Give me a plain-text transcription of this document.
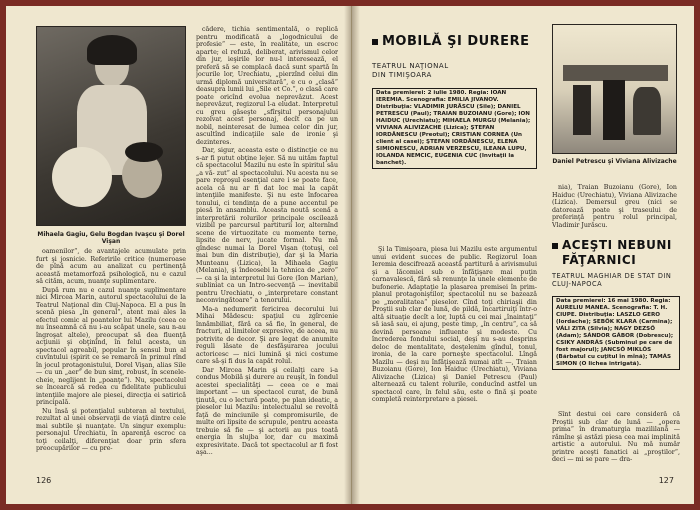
Mihaela Gagiu, Gelu Bogdan Ivaşcu şi Dorel Vişan

oamenilor“, de avantajele acumulate prin furt şi josnicie. Referirile critice (numeroase de pînă acum au analizat cu pertinenţă această metamorfoză psihologică, nu e cazul să cităm, acum, nuanţe suplimentare.

După rum nu e cazul nuanţe suplimentare nici Mircea Marin, autorul spectacolului de la Teatrul Naţional din Cluj-Napoca. El a pus în scenă piesa „în general“, atent mai ales la efectul comic al poantelor lui Mazilu (ceea ce nu înseamnă că nu i-au scăpat unele, sau n-au îngroşat altele), preocupat să dea fluenţă acţiunii şi obţinînd, în felul acesta, un spectacol agreabil, popular în sensul bun al cuvîntului (spirit ce se remarcă în primul rînd în jocul protagonistului, Dorel Vişan, alias Sile — cu un „aer“ de bun simţ, robust, în scenele-cheie, neglijent în „poanţe“). Nu, spectacolul se încearcă să redea cu fidelitate publicului intenţiile majore ale piesei, direcţia ei satirică principală.

Nu însă şi potenţialul subteran al textului, rezultat al unei observaţii de viaţă dintre cele mai subtile şi nuanţate. Un singur exemplu: personajul Urechiatu, în aparenţă escroc ca toţi ceilalţi, diferenţiat doar prin sfera preocupărilor — cu pre-

cădere, tichia sentimentală, o replică pentru modificată a „logodnicului de profesie“ — este, în realitate, un escroc aparte; el refuză, deliberat, arivismul celor din jur, ieşirile lor nu-l interesează, el preferă să se complacă dacă sunt spartă în jocurile lor, Urechiatu, „pierzînd celui din urmă diplomă universitară“, e cu o „clasă“ deasupra lumii lui „Sile et Co.“, o clasă care poate oricînd evolua neprevăzut. Acest neprevăzut, regizorul l-a eludat. Interpretul cu greu găseşte „sfîrşitul personajului rezolvat acest personaj, decît ca pe un nobil, neinteresat de lumea celor din jur, ascultînd indicaţiile sale de ironie şi dezinteres.

Dar, sigur, aceasta este o distincţie ce nu s-ar fi putut obţine lejer. Să nu uităm faptul că spectacolul Mazilu nu este în spiritul său „a vă- zut“ al spectacolului. Nu acesta nu se pare reproşul esenţial care i se poate face, acela că nu ar fi dat loc mai la capăt intenţiile manifeste. Şi nu este înfocarea tonului, ci tendinţa de a pune accentul pe piesă în ansamblu. Aceasta noută scenă a interpretării rolurilor principale oscilează vizibil pe parcursul partiturii lor, alternînd scene de virtuozitate cu momente terne, lipsite de nerv, jucate formal. Nu mă gîndesc numai la Dorel Vişan (totuşi, cel mai bun din distribuţie), dar şi la Maria Munteanu (Lizica), la Mihaela Gagiu (Melania), şi îndeosebi la tehnica de „zero“ — ca şi la interpretul lui Gore (Ion Marian), subliniat ca un Intro-secvenţă — inevitabil pentru Urechiatu, o „interpretare constant neconvingătoare“ a tenorului.

Ma-a nedumerit fericirea decorului lui Mihai Mădescu: spaţiul cu zgîrcenie înnămbiliat, fără ca să fie, în general, de fracturi, al limitelor expresive, de aceea, nu potrivite de decor. Şi are legat de anumite reguli lăsate de desfăşurarea jocului actoricesc — nici lumină şi nici costume care să-şi fi dus la capăt rolul.

Dar Mircea Marin şi ceilalţi care i-a condus Mobilă şi durere au reuşit, în fondul acestei specialităţi — ceea ce e mai important — un spectacol curat, de bună ţinută, cu o lectură poate, pe plan ideatic, a pieselor lui Mazilu: intelectualul se revoltă faţă de minciunile şi compromisurile, de multe ori lipsite de scrupule, pentru aceasta trebuie să fie — şi actorii au pus toată energia în slujba lor, dar cu maximă expresivitate. Dacă tot spectacolul ar fi fost aşa...

126
MOBILĂ ŞI DURERE
TEATRUL NAŢIONAL
DIN TIMIŞOARA
Data premierei: 2 iulie 1980. Regia: IOAN IEREMIA. Scenografia: EMILIA JIVANOV. Distribuţia: VLADIMIR JURĂSCU (Sile); DANIEL PETRESCU (Paul); TRAIAN BUZOIANU (Gore); ION HAIDUC (Urechiatu); MIHAELA MURGU (Melania); VIVIANA ALIVIZACHE (Lizica); ŞTEFAN IORDĂNESCU (Preotul); CRISTIAN CORNEA (Un client al casei); ŞTEFAN IORDĂNESCU, ELENA SIMIONESCU, ADRIAN VERZESCU, ILEANA LUPU, IOLANDA NEMCIC, EUGENIA CUC (Invitaţii la banchet).	Daniel Petrescu şi Viviana Alivizache

nia), Traian Buzoianu (Gore), Ion Haiduc (Urechiatu), Viviana Alivizache (Lizica). Demersul greu (nici se datorează poate şi traseului de preferinţă pentru rolul principal, Vladimir Jurăscu.

Şi la Timişoara, piesa lui Mazilu este argumentul unui evident succes de public. Regizorul Ioan Ieremia descifrează această partitură a arivismului şi a lăcomiei sub o înfăţişare mai puţin carnavalescă, fără să renunţe la unele elemente de bufonerie. Adaptaţie la plasarea premisei în prim-planul protagoniştilor, spectacolul nu se bazează pe „moralitatea“ pieselor. Cînd toţi chiriaşii din Proştii sub clar de lună, de pildă, încartiruiţi într-o altă situaţie decît a lor, luptă cu cei mai „înaintaţi“ să iasă sau, ei ajung, peste timp, „în centru“, ca să devină persoane influente şi modeste. Cu încrederea fondului social, deşi nu s-au desprins deloc de mentalitate, desţelenim gîndul, tonul, ironia, de la care porneşte spectacolul. Lîngă Mazilu — deşi nu înfăţişează numai atît —, Traian Buzoianu (Gore), Ion Haiduc (Urechiatu), Viviana Alivizache (Lizica) şi Daniel Petrescu (Paul) alternează cu talent rolurile, conducînd astfel un spectacol care, în felul său, este o fină şi poate completă reinterpretare a piesei.

ACEŞTI NEBUNI
FĂŢARNICI
TEATRUL MAGHIAR DE STAT DIN CLUJ-NAPOCA
Data premierei: 16 mai 1980. Regia: AURELIU MANEA. Scenografia: T. H. CIUPE. Distribuţia: LASZLO GERO (Iordache); SEBŐK KLARA (Carmina); VÁLI ZITA (Silvia); NAGY DEZSŐ (Adam); SÁNDOR GÁBOR (Dobrescu); CSIKY ANDRÁS (Subminul pe care de fost majorul); JANCSÓ MIKLÓS (Bărbatul cu cuţitul în mînă); TAMÁS SIMON (O lichea intrigată).

Sînt destui cei care consideră că Proştii sub clar de lună — „opera prima“ în dramaturgia mazililană — rămîne şi astăzi piesa cea mai implinită artistic a autorului. Nu mă număr printre aceşti fanatici ai „proştilor“, deci — mi se pare — dra-

127
